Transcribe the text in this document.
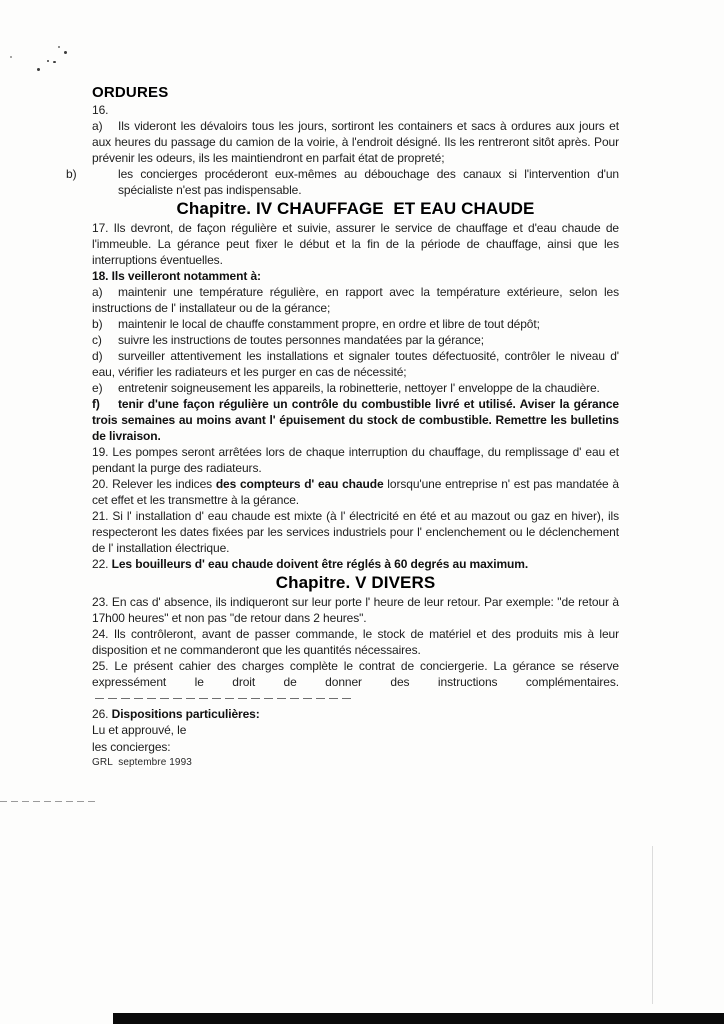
ORDURES

16.

a) Ils videront les dévaloirs tous les jours, sortiront les containers et sacs à ordures aux jours et aux heures du passage du camion de la voirie, à l'endroit désigné. Ils les rentreront sitôt après. Pour prévenir les odeurs, ils les maintiendront en parfait état de propreté;

b)	les concierges procéderont eux-mêmes au débouchage des canaux si l'intervention d'un spécialiste n'est pas indispensable.

Chapitre. IV CHAUFFAGE  ET EAU CHAUDE

17. Ils devront, de façon régulière et suivie, assurer le service de chauffage et d'eau chaude de l'immeuble. La gérance peut fixer le début et la fin de la période de chauffage, ainsi que les interruptions éventuelles.

18. Ils veilleront notamment à:

a) maintenir une température régulière, en rapport avec la température extérieure, selon les instructions de l' installateur ou de la gérance;

b) maintenir le local de chauffe constamment propre, en ordre et libre de tout dépôt;

c) suivre les instructions de toutes personnes mandatées par la gérance;

d) surveiller attentivement les installations et signaler toutes défectuosité, contrôler le niveau d' eau, vérifier les radiateurs et les purger en cas de nécessité;

e) entretenir soigneusement les appareils, la robinetterie, nettoyer l' enveloppe de la chaudière.

f) tenir d'une façon régulière un contrôle du combustible livré et utilisé. Aviser la gérance trois semaines au moins avant l' épuisement du stock de combustible. Remettre les bulletins de livraison.

19. Les pompes seront arrêtées lors de chaque interruption du chauffage, du remplissage d' eau et pendant la purge des radiateurs.

20. Relever les indices des compteurs d' eau chaude lorsqu'une entreprise n' est pas mandatée à cet effet et les transmettre à la gérance.

21. Si l' installation d' eau chaude est mixte (à l' électricité en été et au mazout ou gaz en hiver), ils respecteront les dates fixées par les services industriels pour l' enclenchement ou le déclenchement de l' installation électrique.

22. Les bouilleurs d' eau chaude doivent être réglés à 60 degrés au maximum.

Chapitre. V DIVERS

23. En cas d' absence, ils indiqueront sur leur porte l' heure de leur retour. Par exemple: "de retour à 17h00 heures" et non pas "de retour dans 2 heures".

24. Ils contrôleront, avant de passer commande, le stock de matériel et des produits mis à leur disposition et ne commanderont que les quantités nécessaires.

25. Le présent cahier des charges complète le contrat de conciergerie. La gérance se réserve expressément le droit de donner des instructions complémentaires.

26. Dispositions particulières:

Lu et approuvé, le

les concierges:

GRL  septembre 1993
